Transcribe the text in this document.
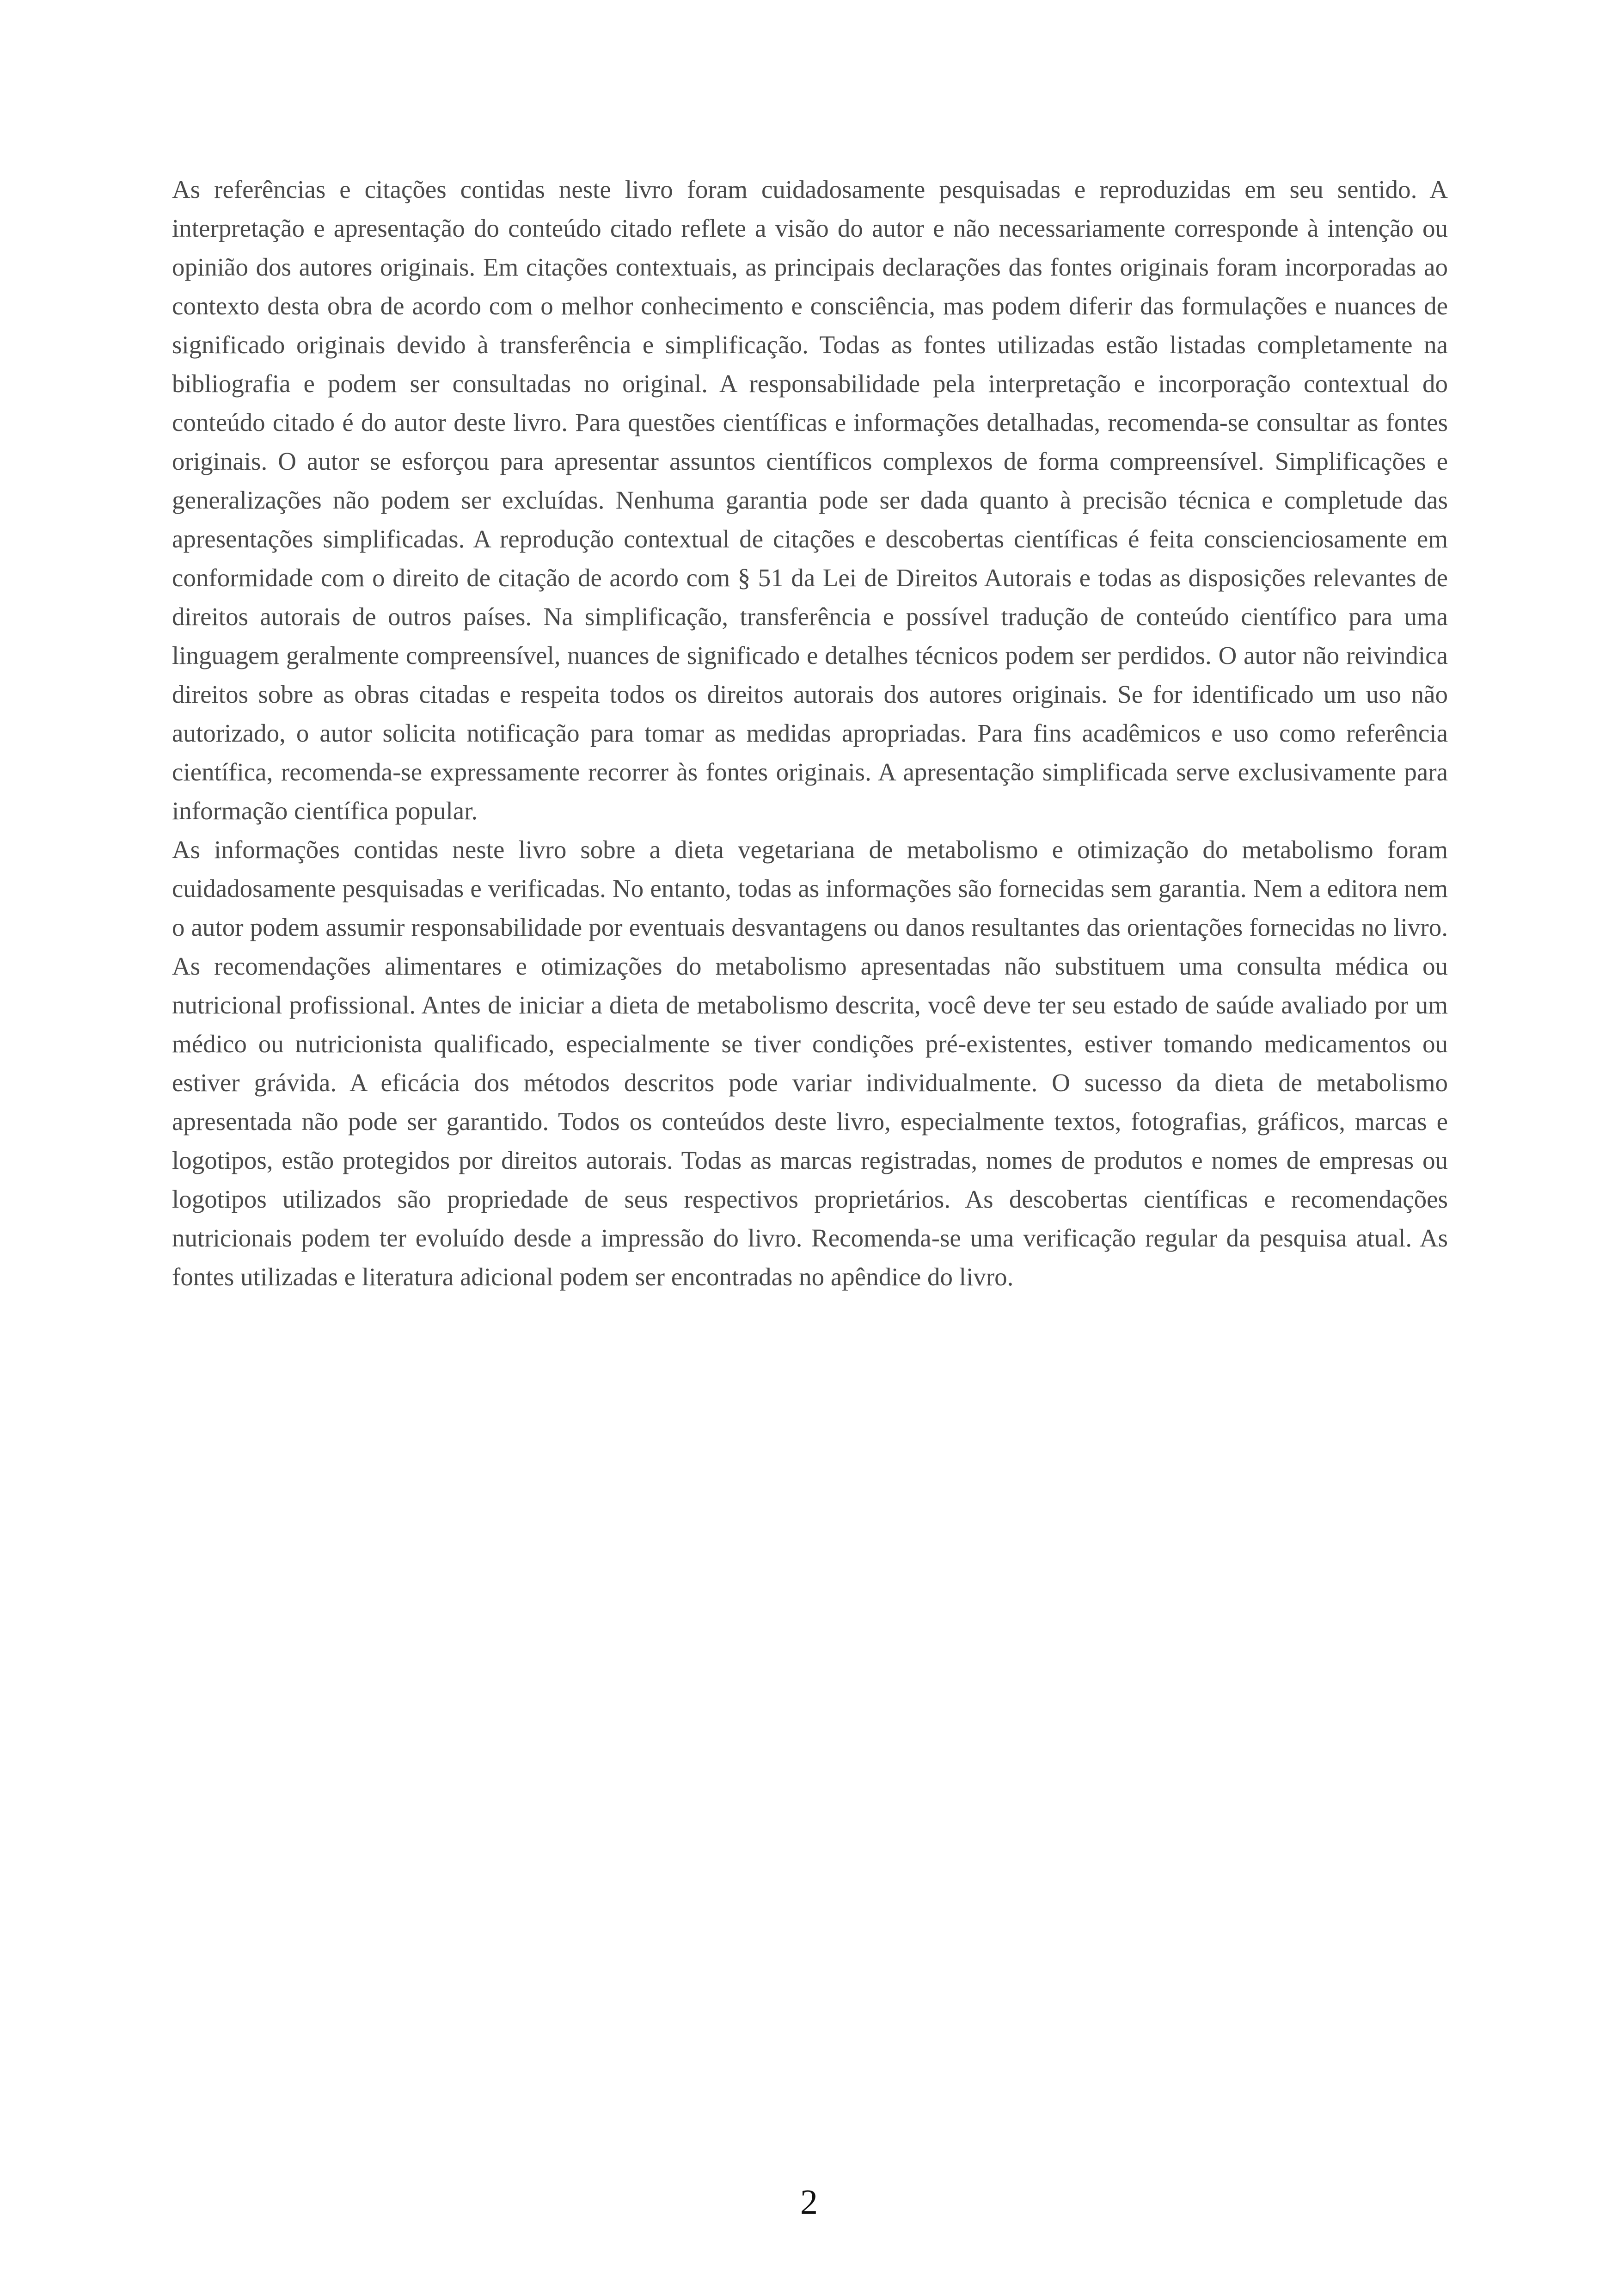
As referências e citações contidas neste livro foram cuidadosamente pesquisadas e reproduzidas em seu sentido. A interpretação e apresentação do conteúdo citado reflete a visão do autor e não necessariamente corresponde à intenção ou opinião dos autores originais. Em citações contextuais, as principais declarações das fontes originais foram incorporadas ao contexto desta obra de acordo com o melhor conhecimento e consciência, mas podem diferir das formulações e nuances de significado originais devido à transferência e simplificação. Todas as fontes utilizadas estão listadas completamente na bibliografia e podem ser consultadas no original. A responsabilidade pela interpretação e incorporação contextual do conteúdo citado é do autor deste livro. Para questões científicas e informações detalhadas, recomenda-se consultar as fontes originais. O autor se esforçou para apresentar assuntos científicos complexos de forma compreensível. Simplificações e generalizações não podem ser excluídas. Nenhuma garantia pode ser dada quanto à precisão técnica e completude das apresentações simplificadas. A reprodução contextual de citações e descobertas científicas é feita conscienciosamente em conformidade com o direito de citação de acordo com § 51 da Lei de Direitos Autorais e todas as disposições relevantes de direitos autorais de outros países. Na simplificação, transferência e possível tradução de conteúdo científico para uma linguagem geralmente compreensível, nuances de significado e detalhes técnicos podem ser perdidos. O autor não reivindica direitos sobre as obras citadas e respeita todos os direitos autorais dos autores originais. Se for identificado um uso não autorizado, o autor solicita notificação para tomar as medidas apropriadas. Para fins acadêmicos e uso como referência científica, recomenda-se expressamente recorrer às fontes originais. A apresentação simplificada serve exclusivamente para informação científica popular.

As informações contidas neste livro sobre a dieta vegetariana de metabolismo e otimização do metabolismo foram cuidadosamente pesquisadas e verificadas. No entanto, todas as informações são fornecidas sem garantia. Nem a editora nem o autor podem assumir responsabilidade por eventuais desvantagens ou danos resultantes das orientações fornecidas no livro. As recomendações alimentares e otimizações do metabolismo apresentadas não substituem uma consulta médica ou nutricional profissional. Antes de iniciar a dieta de metabolismo descrita, você deve ter seu estado de saúde avaliado por um médico ou nutricionista qualificado, especialmente se tiver condições pré-existentes, estiver tomando medicamentos ou estiver grávida. A eficácia dos métodos descritos pode variar individualmente. O sucesso da dieta de metabolismo apresentada não pode ser garantido. Todos os conteúdos deste livro, especialmente textos, fotografias, gráficos, marcas e logotipos, estão protegidos por direitos autorais. Todas as marcas registradas, nomes de produtos e nomes de empresas ou logotipos utilizados são propriedade de seus respectivos proprietários. As descobertas científicas e recomendações nutricionais podem ter evoluído desde a impressão do livro. Recomenda-se uma verificação regular da pesquisa atual. As fontes utilizadas e literatura adicional podem ser encontradas no apêndice do livro.

2
